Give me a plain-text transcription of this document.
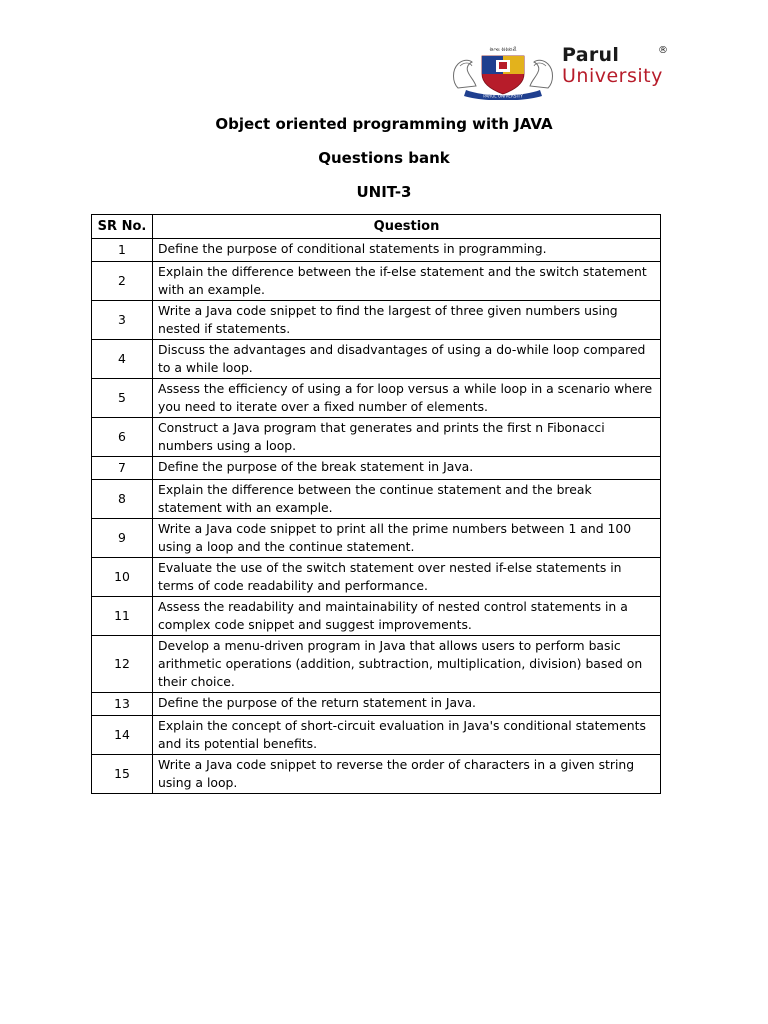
સત્ય સંસ્કારી
PARUL UNIVERSITY
Parul	®
University
Object oriented programming with JAVA
Questions bank
UNIT-3
SR No.	Question
1	Define the purpose of conditional statements in programming.
2	Explain the difference between the if-else statement and the switch statement with an example.
3	Write a Java code snippet to find the largest of three given numbers using nested if statements.
4	Discuss the advantages and disadvantages of using a do-while loop compared to a while loop.
5	Assess the efficiency of using a for loop versus a while loop in a scenario where you need to iterate over a fixed number of elements.
6	Construct a Java program that generates and prints the first n Fibonacci numbers using a loop.
7	Define the purpose of the break statement in Java.
8	Explain the difference between the continue statement and the break statement with an example.
9	Write a Java code snippet to print all the prime numbers between 1 and 100 using a loop and the continue statement.
10	Evaluate the use of the switch statement over nested if-else statements in terms of code readability and performance.
11	Assess the readability and maintainability of nested control statements in a complex code snippet and suggest improvements.
12	Develop a menu-driven program in Java that allows users to perform basic arithmetic operations (addition, subtraction, multiplication, division) based on their choice.
13	Define the purpose of the return statement in Java.
14	Explain the concept of short-circuit evaluation in Java's conditional statements and its potential benefits.
15	Write a Java code snippet to reverse the order of characters in a given string using a loop.
